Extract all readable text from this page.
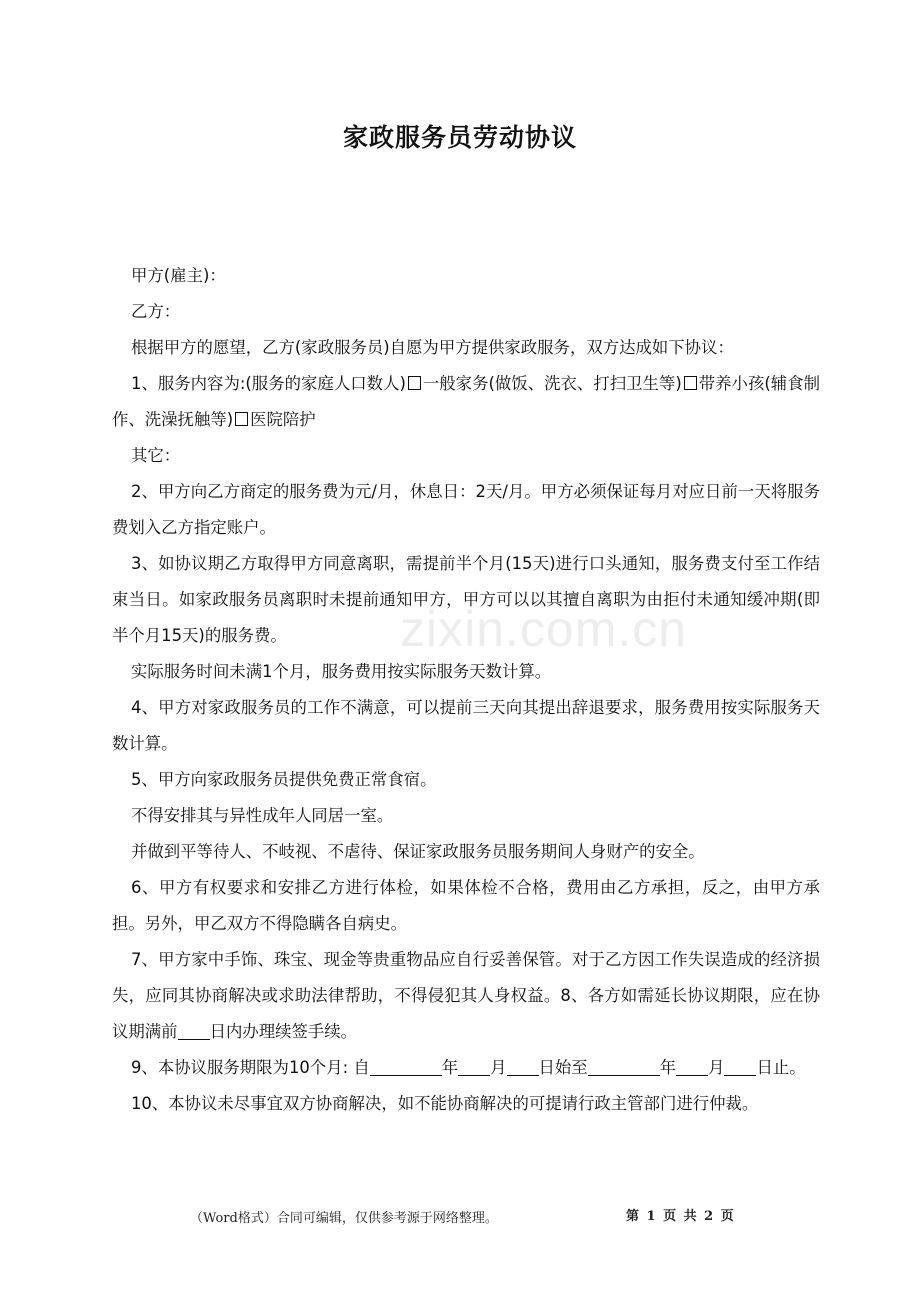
zixin.com.cn
家政服务员劳动协议

甲方(雇主)：

乙方：

根据甲方的愿望，乙方(家政服务员)自愿为甲方提供家政服务，双方达成如下协议：

1、服务内容为:(服务的家庭人口数人) 一般家务(做饭、洗衣、打扫卫生等) 带养小孩(辅食制作、洗澡抚触等) 医院陪护

其它：

2、甲方向乙方商定的服务费为元/月，休息日：2天/月。甲方必须保证每月对应日前一天将服务费划入乙方指定账户。

3、如协议期乙方取得甲方同意离职，需提前半个月(15天)进行口头通知，服务费支付至工作结束当日。如家政服务员离职时未提前通知甲方，甲方可以以其擅自离职为由拒付未通知缓冲期(即半个月15天)的服务费。

实际服务时间未满1个月，服务费用按实际服务天数计算。

4、甲方对家政服务员的工作不满意，可以提前三天向其提出辞退要求，服务费用按实际服务天数计算。

5、甲方向家政服务员提供免费正常食宿。

不得安排其与异性成年人同居一室。

并做到平等待人、不岐视、不虐待、保证家政服务员服务期间人身财产的安全。

6、甲方有权要求和安排乙方进行体检，如果体检不合格，费用由乙方承担，反之，由甲方承担。另外，甲乙双方不得隐瞒各自病史。

7、甲方家中手饰、珠宝、现金等贵重物品应自行妥善保管。对于乙方因工作失误造成的经济损失，应同其协商解决或求助法律帮助，不得侵犯其人身权益。8、各方如需延长协议期限，应在协议期满前 日内办理续签手续。

9、本协议服务期限为10个月: 自	年 月 日始至	年 月 日止。

10、本协议未尽事宜双方协商解决，如不能协商解决的可提请行政主管部门进行仲裁。

（Word格式）合同可编辑，仅供参考源于网络整理。	第 1 页 共 2 页
